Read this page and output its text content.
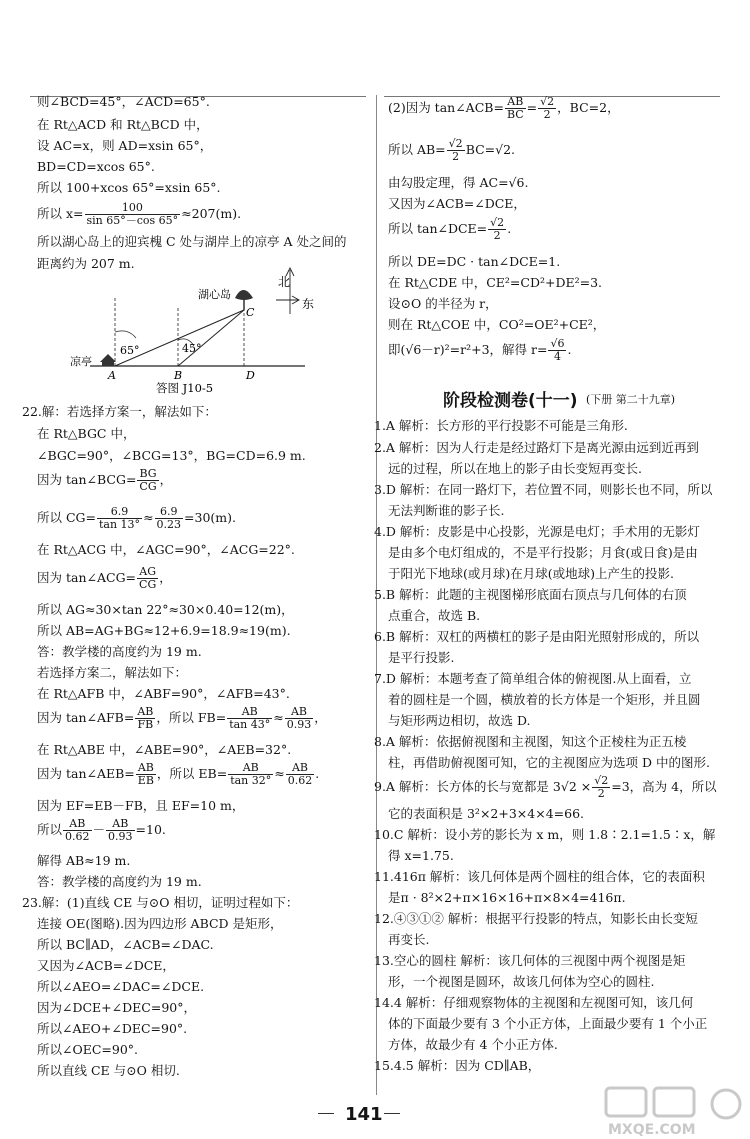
则∠BCD=45°，∠ACD=65°.
在 Rt△ACD 和 Rt△BCD 中，
设 AC=x，则 AD=xsin 65°，
BD=CD=xcos 65°.
所以 100+xcos 65°=xsin 65°.
所以 $x= \frac{100}{\sin 65^\circ-\cos 65^\circ} \approx 207(m)$.
所以湖心岛上的迎宾槐 C 处与湖岸上的凉亭 A 处之间的
距离约为 207 m.
北
东
湖心岛
凉亭
65°	45°
A	B
C
D
答图 J10-5
22.解：若选择方案一，解法如下：
在 Rt△BGC 中，
∠BGC=90°，∠BCG=13°，BG=CD=6.9 m.
因为 tan∠BCG= $\frac{BG}{CG}$ ，
所以 $CG= \frac{6.9}{\tan 13^\circ} \approx \frac{6.9}{0.23} =30(m)$.
在 Rt△ACG 中，∠AGC=90°，∠ACG=22°.
因为 tan∠ACG= $\frac{AG}{CG}$ ，
所以 AG≈30×tan 22°≈30×0.40=12(m)，
所以 AB=AG+BG≈12+6.9=18.9≈19(m).
答：教学楼的高度约为 19 m.
若选择方案二，解法如下：
在 Rt△AFB 中，∠ABF=90°，∠AFB=43°.
因为 tan∠AFB= $\frac{AB}{FB}$ ，所以 $FB= \frac{AB}{\tan 43^\circ} \approx \frac{AB}{0.93}$ ，
在 Rt△ABE 中，∠ABE=90°，∠AEB=32°.
因为 tan∠AEB= $\frac{AB}{EB}$ ，所以 $EB= \frac{AB}{\tan 32^\circ} \approx \frac{AB}{0.62}$ .
因为 EF=EB－FB，且 EF=10 m，
所以 $\frac{AB}{0.62} - \frac{AB}{0.93} =10$.
解得 AB≈19 m.
答：教学楼的高度约为 19 m.
23.解：(1)直线 CE 与⊙O 相切，证明过程如下：
连接 OE(图略).因为四边形 ABCD 是矩形，
所以 BC∥AD，∠ACB=∠DAC.
又因为∠ACB=∠DCE，
所以∠AEO=∠DAC=∠DCE.
因为∠DCE+∠DEC=90°，
所以∠AEO+∠DEC=90°.
所以∠OEC=90°.
所以直线 CE 与⊙O 相切.
(2)因为 tan∠ACB= $\frac{AB}{BC} = \frac{√2}{2}$ ，BC=2，
所以 $AB= \frac{√2}{2} BC=√2$.
由勾股定理，得 AC=√6.
又因为∠ACB=∠DCE，
所以 tan∠DCE= $\frac{√2}{2}$ .
所以 DE=DC · tan∠DCE=1.
在 Rt△CDE 中，CE²=CD²+DE²=3.
设⊙O 的半径为 r，
则在 Rt△COE 中，CO²=OE²+CE²，
即(√6－r)²=r²+3，解得 $r= \frac{√6}{4}$ .
阶段检测卷(十一) (下册 第二十九章)
1.A 解析：长方形的平行投影不可能是三角形.
2.A 解析：因为人行走是经过路灯下是离光源由远到近再到
远的过程，所以在地上的影子由长变短再变长.
3.D 解析：在同一路灯下，若位置不同，则影长也不同，所以
无法判断谁的影子长.
4.D 解析：皮影是中心投影，光源是电灯；手术用的无影灯
是由多个电灯组成的，不是平行投影；月食(或日食)是由
于阳光下地球(或月球)在月球(或地球)上产生的投影.
5.B 解析：此题的主视图梯形底面右顶点与几何体的右顶
点重合，故选 B.
6.B 解析：双杠的两横杠的影子是由阳光照射形成的，所以
是平行投影.
7.D 解析：本题考查了简单组合体的俯视图.从上面看，立
着的圆柱是一个圆，横放着的长方体是一个矩形，并且圆
与矩形两边相切，故选 D.
8.A 解析：依据俯视图和主视图，知这个正棱柱为正五棱
柱，再借助俯视图可知，它的主视图应为选项 D 中的图形.
9.A 解析：长方体的长与宽都是 $3√2 \times \frac{√2}{2} =3$，高为 4，所以
它的表面积是 3²×2+3×4×4=66.
10.C 解析：设小芳的影长为 x m，则 1.8∶2.1=1.5∶x，解
得 x=1.75.
11.416π 解析：该几何体是两个圆柱的组合体，它的表面积
是π · 8²×2+π×16×16+π×8×4=416π.
12.④③①② 解析：根据平行投影的特点，知影长由长变短
再变长.
13.空心的圆柱 解析：该几何体的三视图中两个视图是矩
形，一个视图是圆环，故该几何体为空心的圆柱.
14.4 解析：仔细观察物体的主视图和左视图可知，该几何
体的下面最少要有 3 个小正方体，上面最少要有 1 个小正
方体，故最少有 4 个小正方体.
15.4.5 解析：因为 CD∥AB，
141
MXQE.COM
